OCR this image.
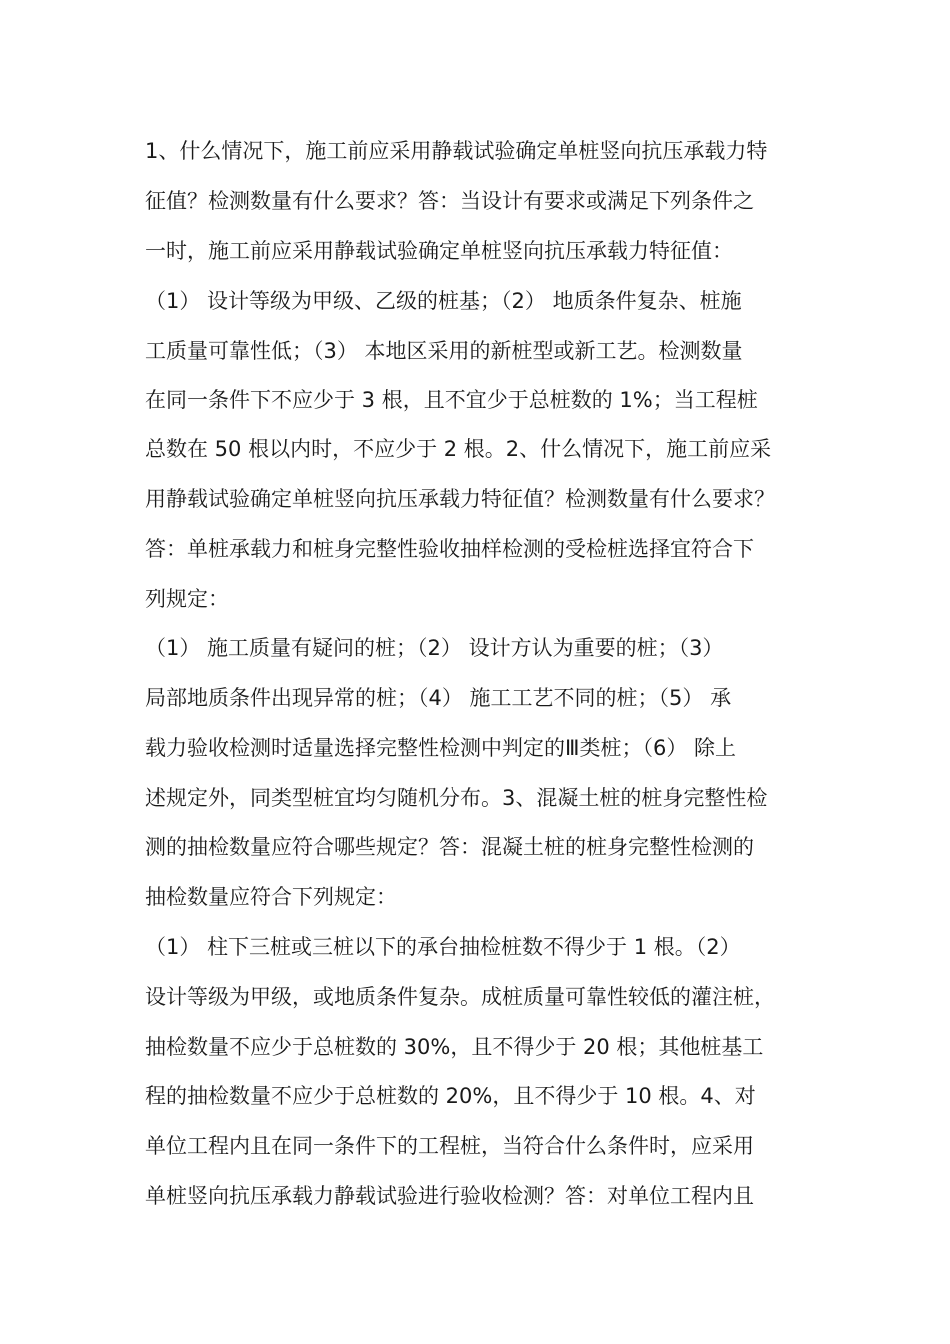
1、什么情况下，施工前应采用静载试验确定单桩竖向抗压承载力特
征值？检测数量有什么要求？答：当设计有要求或满足下列条件之
一时，施工前应采用静载试验确定单桩竖向抗压承载力特征值：
（1） 设计等级为甲级、乙级的桩基；（2） 地质条件复杂、桩施
工质量可靠性低；（3） 本地区采用的新桩型或新工艺。检测数量
在同一条件下不应少于 3 根，且不宜少于总桩数的 1%；当工程桩
总数在 50 根以内时，不应少于 2 根。2、什么情况下，施工前应采
用静载试验确定单桩竖向抗压承载力特征值？检测数量有什么要求？
答：单桩承载力和桩身完整性验收抽样检测的受检桩选择宜符合下
列规定：
（1） 施工质量有疑问的桩；（2） 设计方认为重要的桩；（3）
局部地质条件出现异常的桩；（4） 施工工艺不同的桩；（5） 承
载力验收检测时适量选择完整性检测中判定的Ⅲ类桩；（6） 除上
述规定外，同类型桩宜均匀随机分布。3、混凝土桩的桩身完整性检
测的抽检数量应符合哪些规定？答：混凝土桩的桩身完整性检测的
抽检数量应符合下列规定：
（1） 柱下三桩或三桩以下的承台抽检桩数不得少于 1 根。（2）
设计等级为甲级，或地质条件复杂。成桩质量可靠性较低的灌注桩，
抽检数量不应少于总桩数的 30%，且不得少于 20 根；其他桩基工
程的抽检数量不应少于总桩数的 20%，且不得少于 10 根。4、对
单位工程内且在同一条件下的工程桩，当符合什么条件时，应采用
单桩竖向抗压承载力静载试验进行验收检测？答：对单位工程内且
